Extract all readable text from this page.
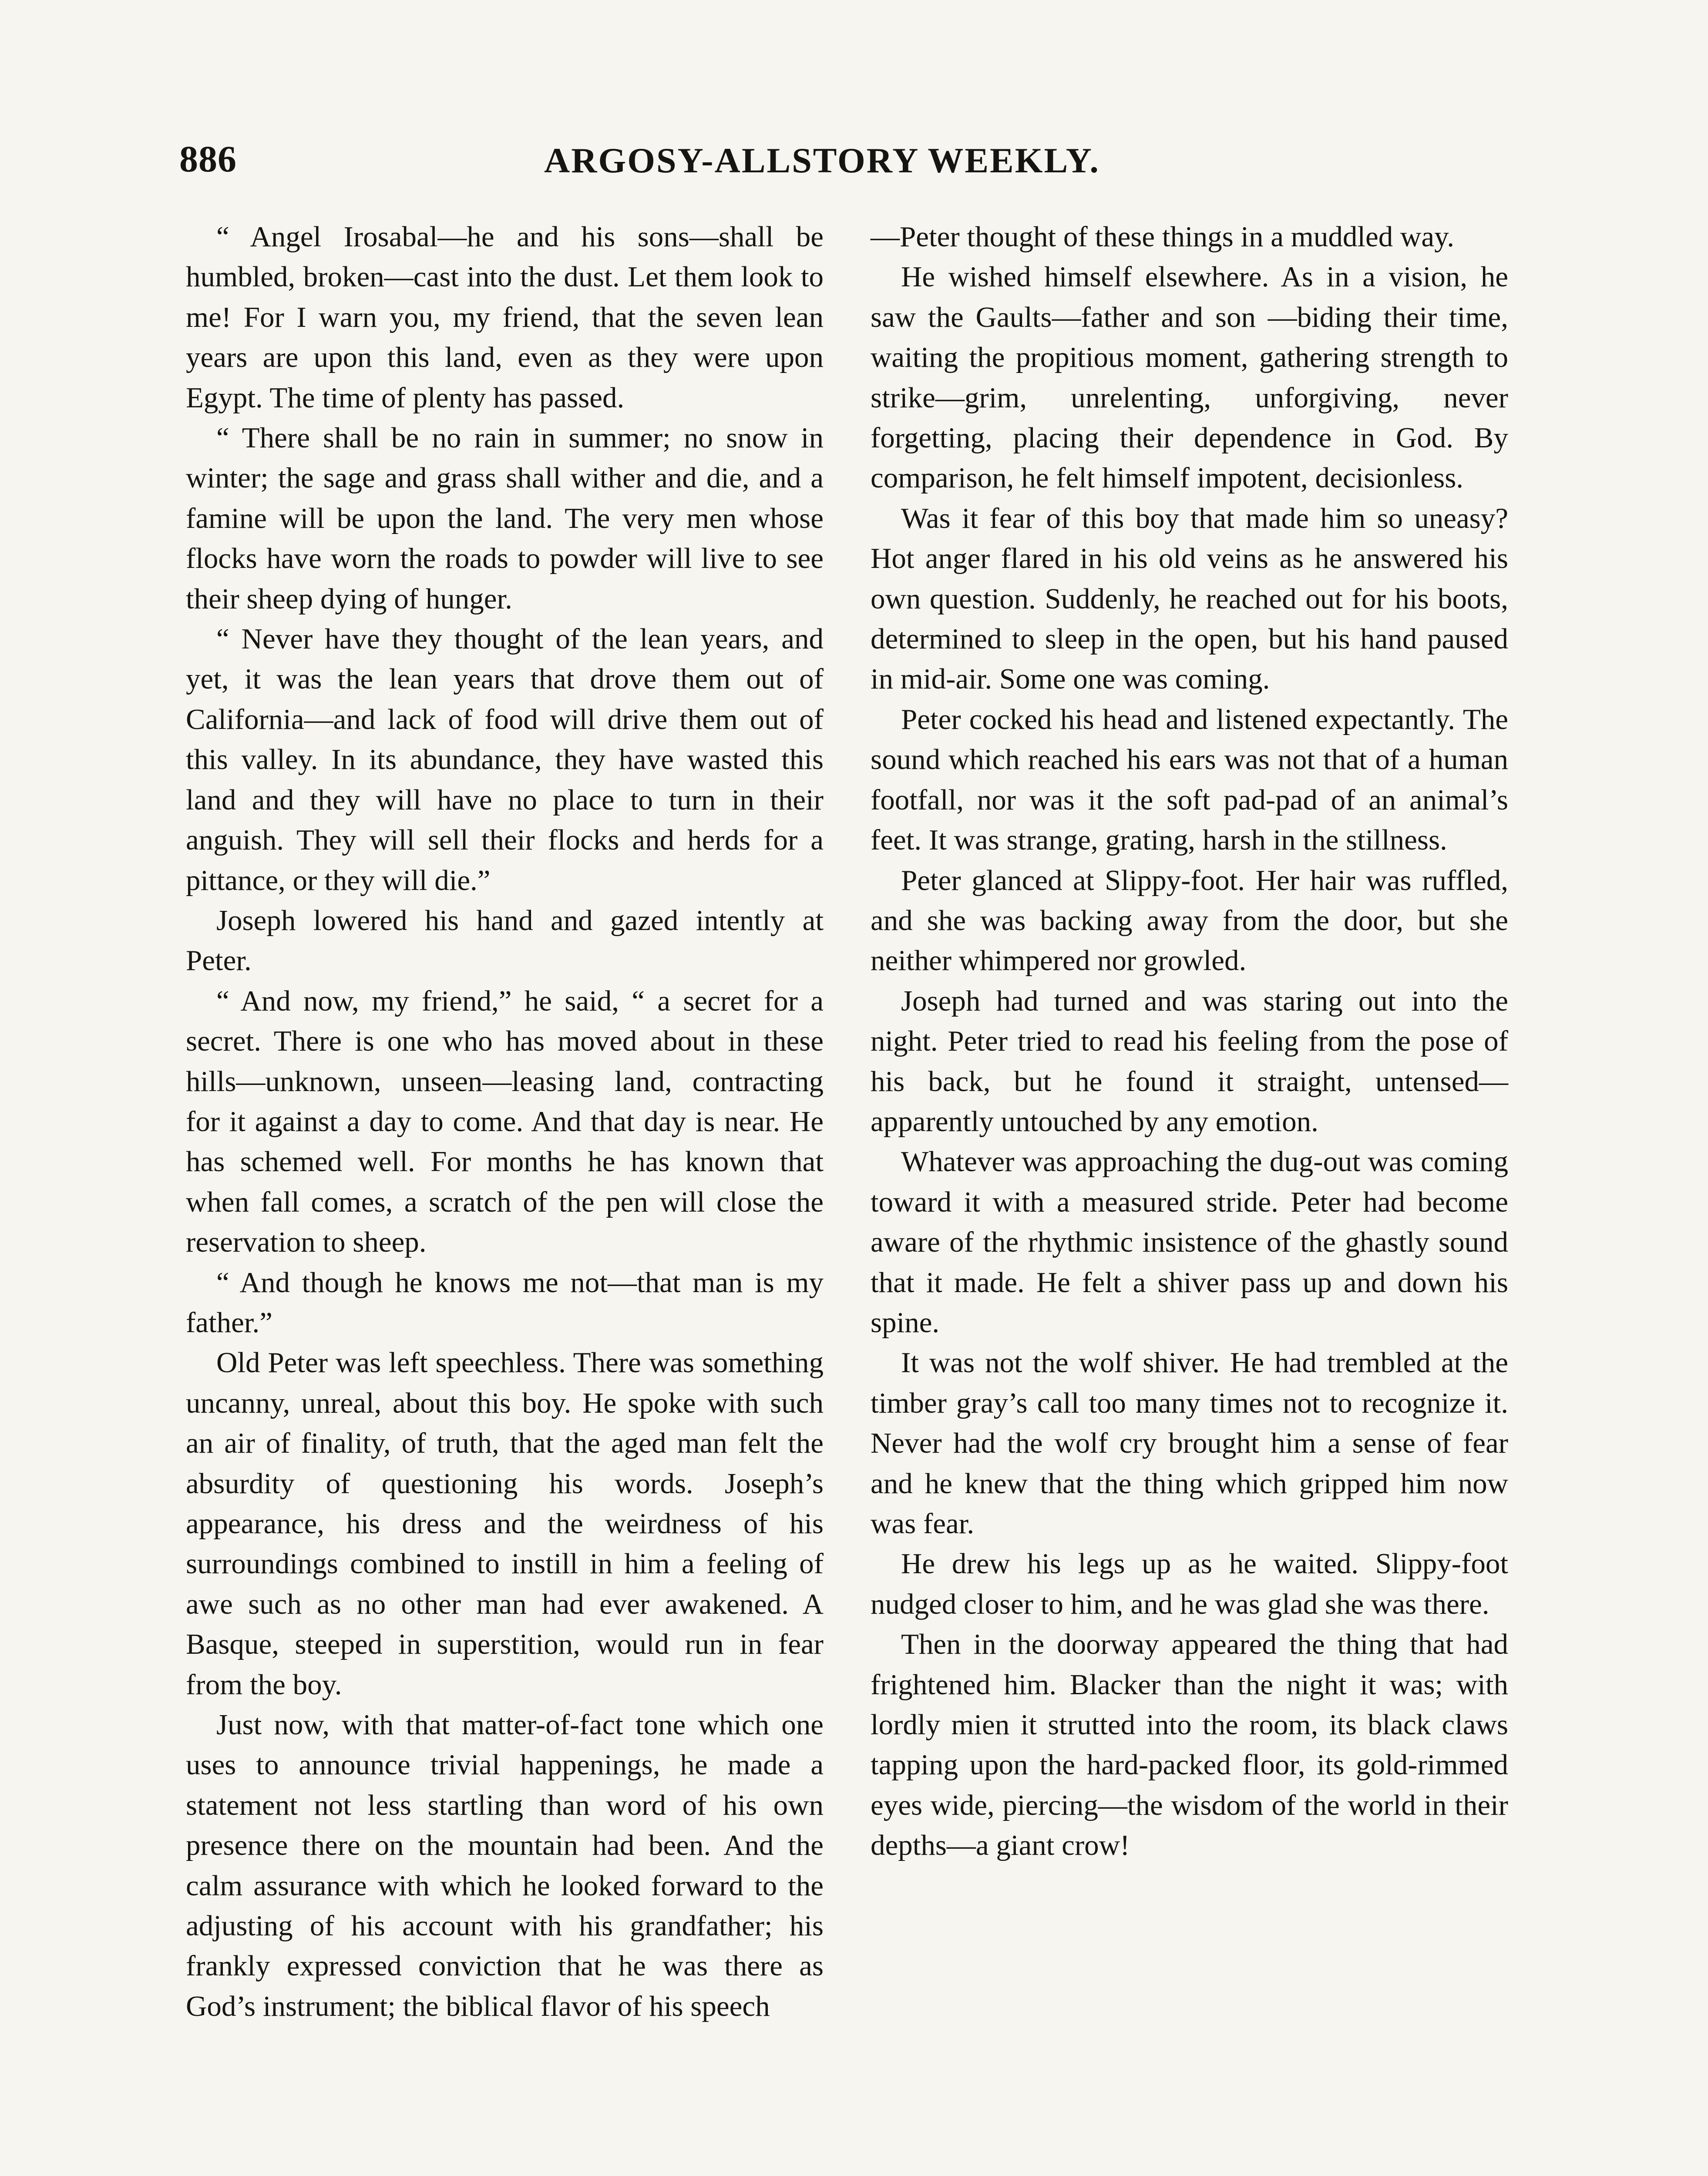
886	ARGOSY-ALLSTORY WEEKLY.

“ Angel Irosabal—he and his sons—shall be humbled, broken—cast into the dust. Let them look to me! For I warn you, my friend, that the seven lean years are upon this land, even as they were upon Egypt. The time of plenty has passed.

“ There shall be no rain in summer; no snow in winter; the sage and grass shall wither and die, and a famine will be upon the land. The very men whose flocks have worn the roads to powder will live to see their sheep dying of hunger.

“ Never have they thought of the lean years, and yet, it was the lean years that drove them out of California—and lack of food will drive them out of this valley. In its abundance, they have wasted this land and they will have no place to turn in their anguish. They will sell their flocks and herds for a pittance, or they will die.”

Joseph lowered his hand and gazed intently at Peter.

“ And now, my friend,” he said, “ a secret for a secret. There is one who has moved about in these hills—unknown, unseen—leasing land, contracting for it against a day to come. And that day is near. He has schemed well. For months he has known that when fall comes, a scratch of the pen will close the reservation to sheep.

“ And though he knows me not—that man is my father.”

Old Peter was left speechless. There was something uncanny, unreal, about this boy. He spoke with such an air of finality, of truth, that the aged man felt the absurdity of questioning his words. Joseph’s appearance, his dress and the weirdness of his surroundings combined to instill in him a feeling of awe such as no other man had ever awakened. A Basque, steeped in superstition, would run in fear from the boy.

Just now, with that matter-of-fact tone which one uses to announce trivial happenings, he made a statement not less startling than word of his own presence there on the mountain had been. And the calm assurance with which he looked forward to the adjusting of his account with his grandfather; his frankly expressed conviction that he was there as God’s instrument; the biblical flavor of his speech

—Peter thought of these things in a muddled way.

He wished himself elsewhere. As in a vision, he saw the Gaults—father and son —biding their time, waiting the propitious moment, gathering strength to strike—grim, unrelenting, unforgiving, never forgetting, placing their dependence in God. By comparison, he felt himself impotent, decisionless.

Was it fear of this boy that made him so uneasy? Hot anger flared in his old veins as he answered his own question. Suddenly, he reached out for his boots, determined to sleep in the open, but his hand paused in mid-air. Some one was coming.

Peter cocked his head and listened expectantly. The sound which reached his ears was not that of a human footfall, nor was it the soft pad-pad of an animal’s feet. It was strange, grating, harsh in the stillness.

Peter glanced at Slippy-foot. Her hair was ruffled, and she was backing away from the door, but she neither whimpered nor growled.

Joseph had turned and was staring out into the night. Peter tried to read his feeling from the pose of his back, but he found it straight, untensed—apparently untouched by any emotion.

Whatever was approaching the dug-out was coming toward it with a measured stride. Peter had become aware of the rhythmic insistence of the ghastly sound that it made. He felt a shiver pass up and down his spine.

It was not the wolf shiver. He had trembled at the timber gray’s call too many times not to recognize it. Never had the wolf cry brought him a sense of fear and he knew that the thing which gripped him now was fear.

He drew his legs up as he waited. Slippy-foot nudged closer to him, and he was glad she was there.

Then in the doorway appeared the thing that had frightened him. Blacker than the night it was; with lordly mien it strutted into the room, its black claws tapping upon the hard-packed floor, its gold-rimmed eyes wide, piercing—the wisdom of the world in their depths—a giant crow!
